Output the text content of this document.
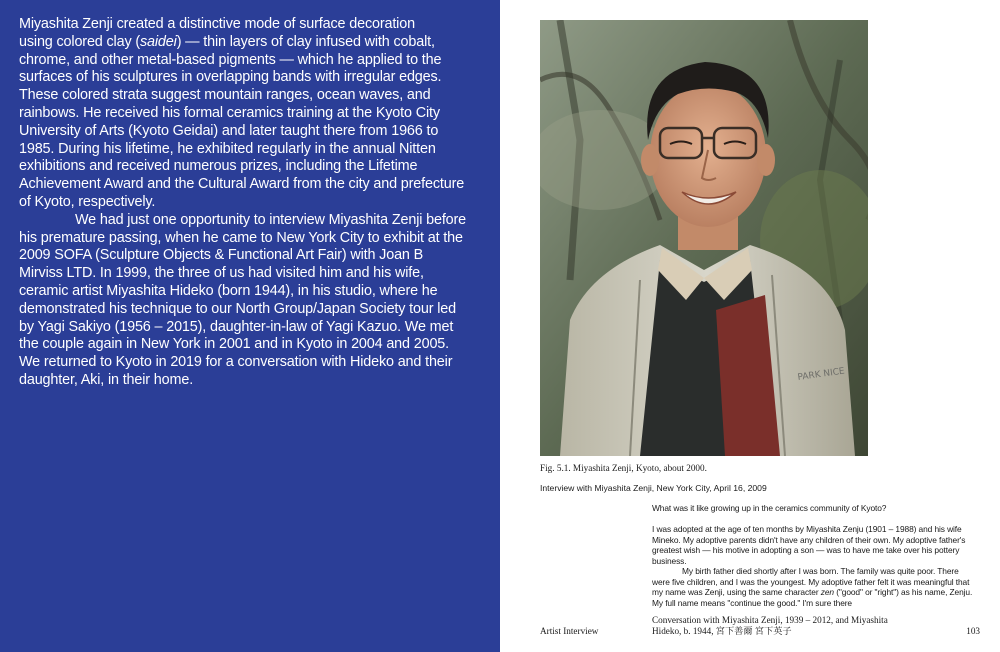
Miyashita Zenji created a distinctive mode of surface decoration
using colored clay (saidei) — thin layers of clay infused with cobalt, chrome, and other metal-based pigments — which he applied to the surfaces of his sculptures in overlapping bands with irregular edges. These colored strata suggest mountain ranges, ocean waves, and rainbows. He received his formal ceramics training at the Kyoto City University of Arts (Kyoto Geidai) and later taught there from 1966 to 1985. During his lifetime, he exhibited regularly in the annual Nitten exhibitions and received numerous prizes, including the Lifetime Achievement Award and the Cultural Award from the city and prefecture of Kyoto, respectively.

We had just one opportunity to interview Miyashita Zenji before his premature passing, when he came to New York City to exhibit at the 2009 SOFA (Sculpture Objects & Functional Art Fair) with Joan B Mirviss LTD. In 1999, the three of us had visited him and his wife, ceramic artist Miyashita Hideko (born 1944), in his studio, where he demonstrated his technique to our North Group/Japan Society tour led by Yagi Sakiyo (1956 – 2015), daughter-in-law of Yagi Kazuo. We met the couple again in New York in 2001 and in Kyoto in 2004 and 2005. We returned to Kyoto in 2019 for a conversation with Hideko and their daughter, Aki, in their home.	PARK NICE
Fig. 5.1. Miyashita Zenji, Kyoto, about 2000.
Interview with Miyashita Zenji, New York City, April 16, 2009

What was it like growing up in the ceramics community of Kyoto?

I was adopted at the age of ten months by Miyashita Zenju (1901 – 1988) and his wife Mineko. My adoptive parents didn't have any children of their own. My adoptive father's greatest wish — his motive in adopting a son — was to have me take over his pottery business.

My birth father died shortly after I was born. The family was quite poor. There were five children, and I was the youngest. My adoptive father felt it was meaningful that my name was Zenji, using the same character zen ("good" or "right") as his name, Zenju. My full name means "continue the good." I'm sure there

Artist Interview
Conversation with Miyashita Zenji, 1939 – 2012, and Miyashita
Hideko, b. 1944, 宮下善爾 宮下英子	103
